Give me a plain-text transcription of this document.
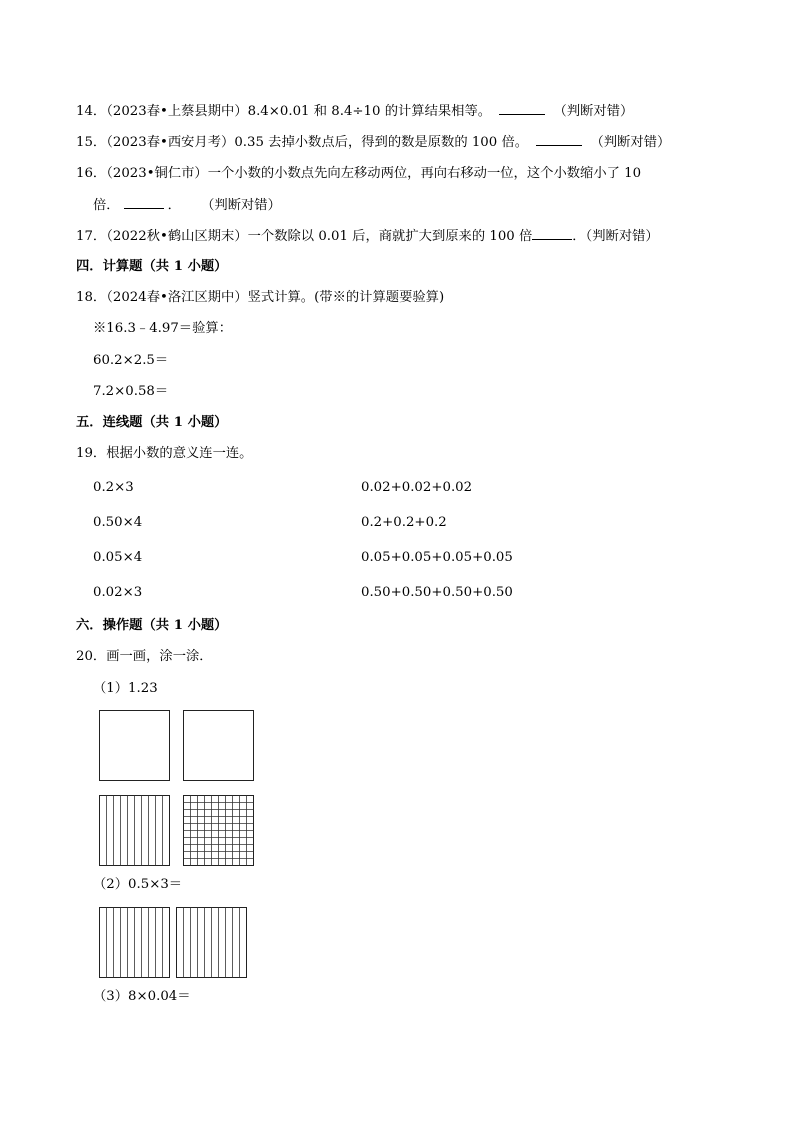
14．（2023春•上蔡县期中）8.4×0.01 和 8.4÷10 的计算结果相等。	（判断对错）
15．（2023春•西安月考）0.35 去掉小数点后，得到的数是原数的 100 倍。	（判断对错）
16．（2023•铜仁市）一个小数的小数点先向左移动两位，再向右移动一位，这个小数缩小了 10
倍．	． （判断对错）
17．（2022秋•鹤山区期末）一个数除以 0.01 后，商就扩大到原来的 100 倍	．（判断对错）
四．计算题（共 1 小题）
18．（2024春•洛江区期中）竖式计算。(带※的计算题要验算)
※16.3﹣4.97＝验算：
60.2×2.5＝
7.2×0.58＝
五．连线题（共 1 小题）
19．根据小数的意义连一连。
0.2×3	0.02+0.02+0.02
0.50×4	0.2+0.2+0.2
0.05×4	0.05+0.05+0.05+0.05
0.02×3	0.50+0.50+0.50+0.50
六．操作题（共 1 小题）
20．画一画，涂一涂．
（1）1.23
（2）0.5×3＝
（3）8×0.04＝
